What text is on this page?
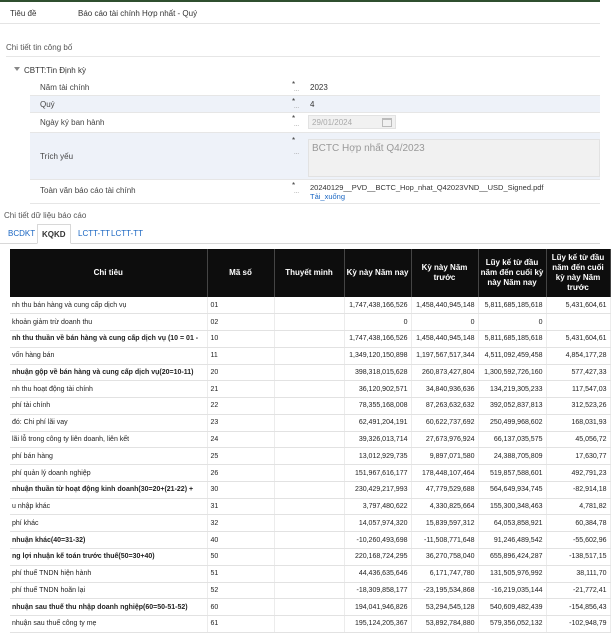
Tiêu đề	Báo cáo tài chính Hợp nhất - Quý
Chi tiết tin công bố
CBTT:Tin Định kỳ
Năm tài chính	*
... 2023
Quý	*
... 4
Ngày ký ban hành	*
... 29/01/2024
Trích yếu
*
... BCTC Hợp nhất Q4/2023
Toàn văn báo cáo tài chính
*
... 20240129__PVD__BCTC_Hop_nhat_Q42023VND__USD_Signed.pdf
Tải_xuống
Chi tiết dữ liệu báo cáo
BCDKT KQKD	LCTT-TT LCTT-TT
Chỉ tiêu	Mã số	Thuyết minh	Kỳ này Năm nay	Kỳ này Năm trước	Lũy kế từ đầu năm đến cuối kỳ này Năm nay	Lũy kế từ đầu năm đến cuối kỳ này Năm trước
nh thu bán hàng và cung cấp dịch vụ	01		1,747,438,166,526	1,458,440,945,148	5,811,685,185,618	5,431,604,61
khoản giảm trừ doanh thu	02		0	0	0	
nh thu thuần về bán hàng và cung cấp dịch vụ (10 = 01 -	10		1,747,438,166,526	1,458,440,945,148	5,811,685,185,618	5,431,604,61
vốn hàng bán	11		1,349,120,150,898	1,197,567,517,344	4,511,092,459,458	4,854,177,28
nhuận gộp về bán hàng và cung cấp dịch vụ(20=10-11)	20		398,318,015,628	260,873,427,804	1,300,592,726,160	577,427,33
nh thu hoạt động tài chính	21		36,120,902,571	34,840,936,636	134,219,305,233	117,547,03
phí tài chính	22		78,355,168,008	87,263,632,632	392,052,837,813	312,523,26
đó: Chi phí lãi vay	23		62,491,204,191	60,622,737,692	250,499,968,602	168,031,93
lãi lỗ trong công ty liên doanh, liên kết	24		39,326,013,714	27,673,976,924	66,137,035,575	45,056,72
phí bán hàng	25		13,012,929,735	9,897,071,580	24,388,705,809	17,630,77
phí quản lý doanh nghiệp	26		151,967,616,177	178,448,107,464	519,857,588,601	492,791,23
nhuận thuần từ hoạt động kinh doanh(30=20+(21-22) +	30		230,429,217,993	47,779,529,688	564,649,934,745	-82,914,18
u nhập khác	31		3,797,480,622	4,330,825,664	155,300,348,463	4,781,82
phí khác	32		14,057,974,320	15,839,597,312	64,053,858,921	60,384,78
nhuận khác(40=31-32)	40		-10,260,493,698	-11,508,771,648	91,246,489,542	-55,602,96
ng lợi nhuận kế toán trước thuế(50=30+40)	50		220,168,724,295	36,270,758,040	655,896,424,287	-138,517,15
phí thuế TNDN hiện hành	51		44,436,635,646	6,171,747,780	131,505,976,992	38,111,70
phí thuế TNDN hoãn lại	52		-18,309,858,177	-23,195,534,868	-16,219,035,144	-21,772,41
nhuận sau thuế thu nhập doanh nghiệp(60=50-51-52)	60		194,041,946,826	53,294,545,128	540,609,482,439	-154,856,43
nhuận sau thuế công ty mẹ	61		195,124,205,367	53,892,784,880	579,356,052,132	-102,948,79
